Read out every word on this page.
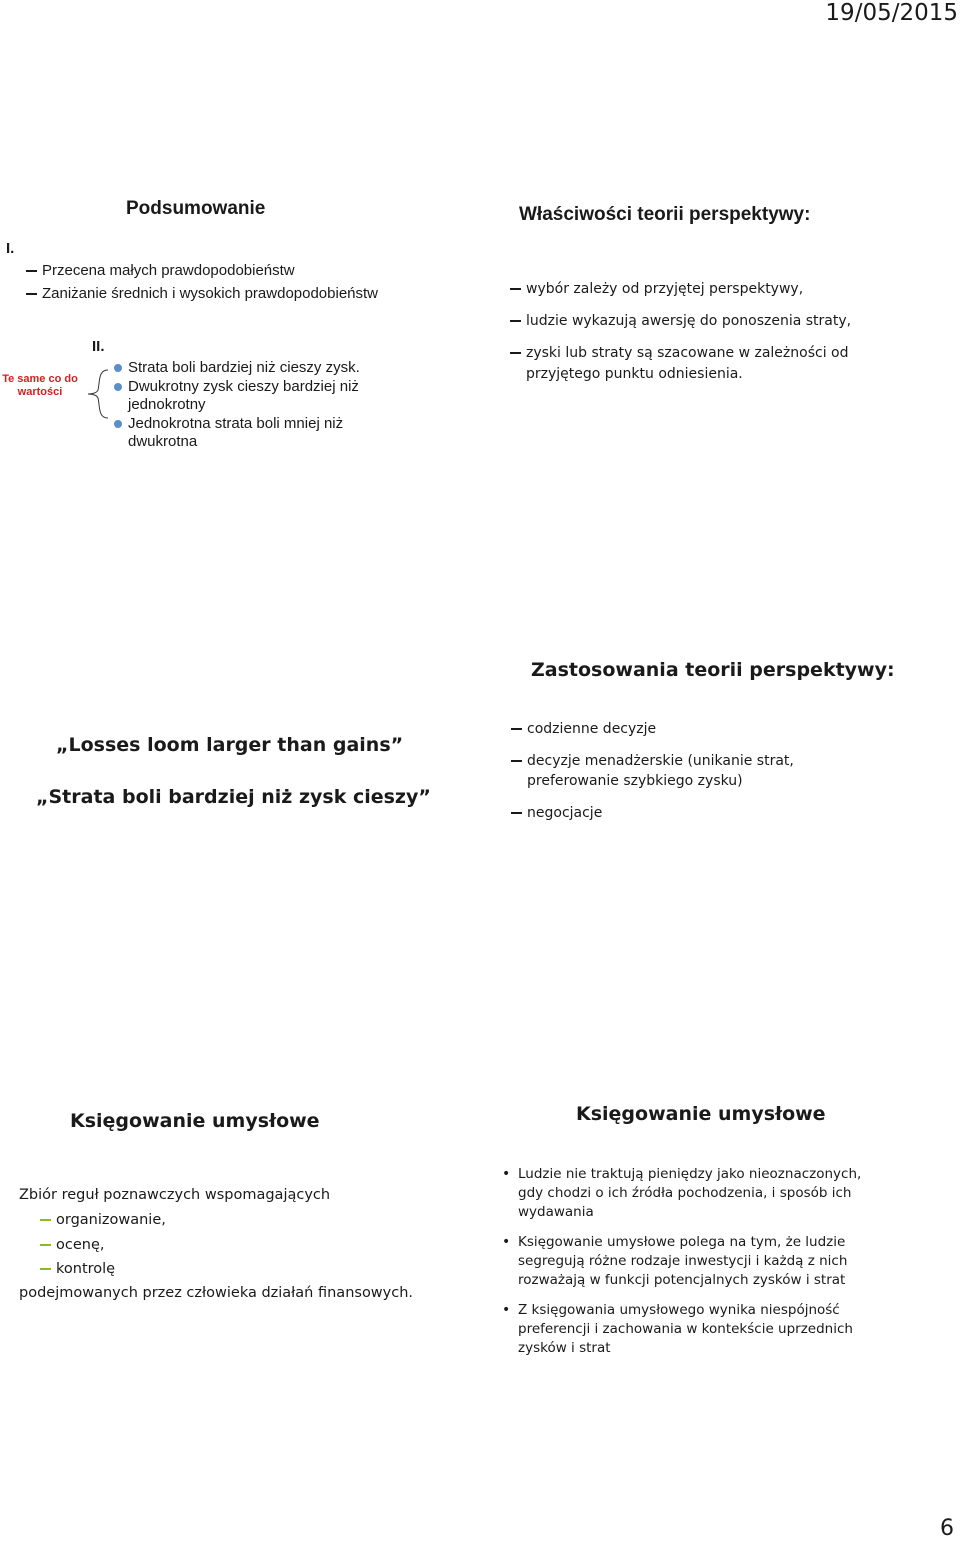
19/05/2015
Podsumowanie
I.
Przecena małych prawdopodobieństw
Zaniżanie średnich i wysokich prawdopodobieństw
II.
Te same co do
wartości
Strata boli bardziej niż cieszy zysk.
Dwukrotny zysk cieszy bardziej niż
jednokrotny
Jednokrotna strata boli mniej niż
dwukrotna
Właściwości teorii perspektywy:
wybór zależy od przyjętej perspektywy,
ludzie wykazują awersję do ponoszenia straty,
zyski lub straty są szacowane w zależności od
przyjętego punktu odniesienia.
„Losses loom larger than gains”
„Strata boli bardziej niż zysk cieszy”
Zastosowania teorii perspektywy:
codzienne decyzje
decyzje menadżerskie (unikanie strat,
preferowanie szybkiego zysku)
negocjacje
Księgowanie umysłowe
Zbiór reguł poznawczych wspomagających
organizowanie,
ocenę,
kontrolę
podejmowanych przez człowieka działań finansowych.
Księgowanie umysłowe
• Ludzie nie traktują pieniędzy jako nieoznaczonych,
gdy chodzi o ich źródła pochodzenia, i sposób ich
wydawania
• Księgowanie umysłowe polega na tym, że ludzie
segregują różne rodzaje inwestycji i każdą z nich
rozważają w funkcji potencjalnych zysków i strat
• Z księgowania umysłowego wynika niespójność
preferencji i zachowania w kontekście uprzednich
zysków i strat
6
